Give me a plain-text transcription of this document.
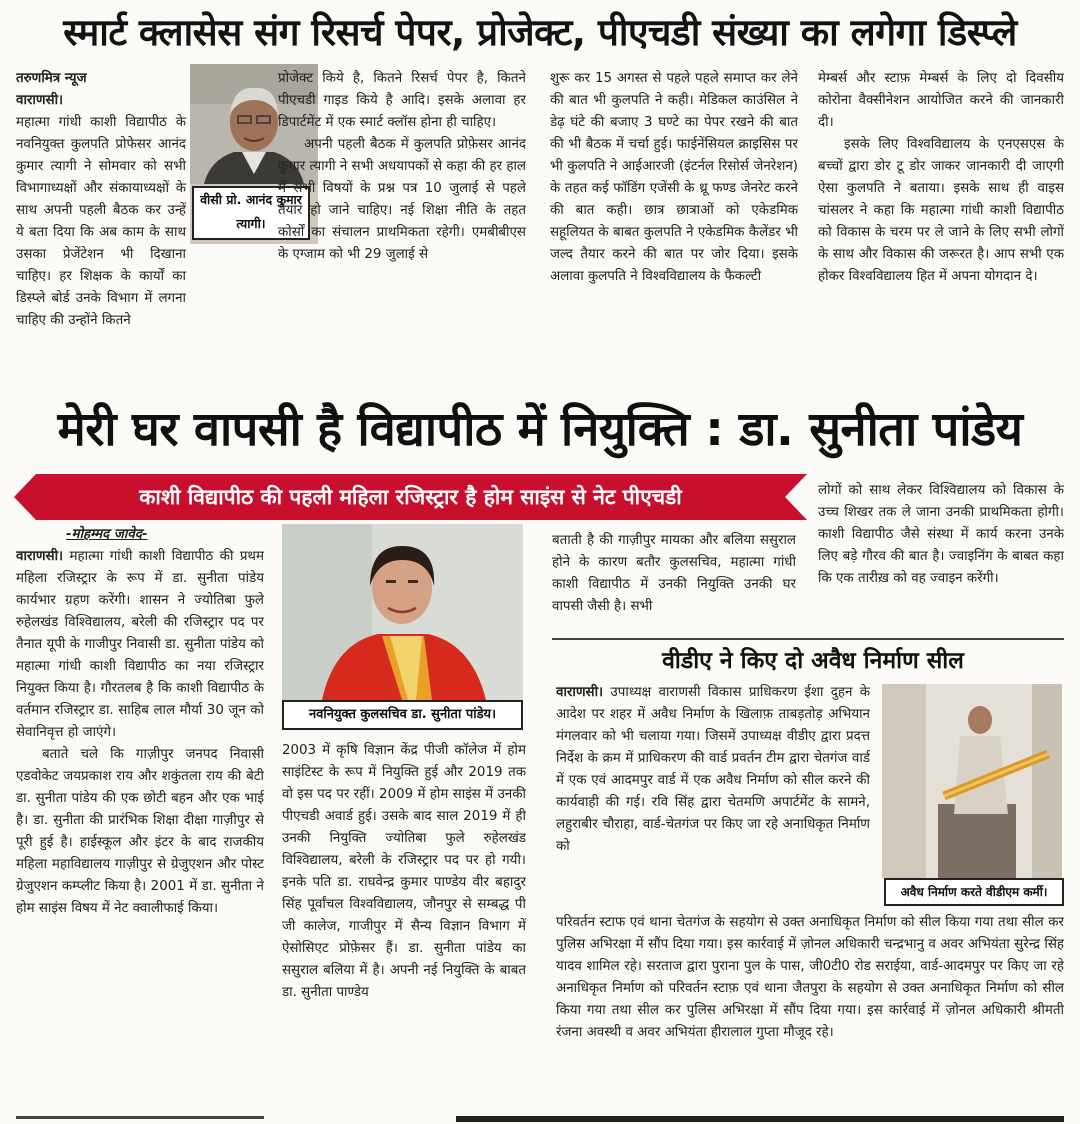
स्मार्ट क्लासेस संग रिसर्च पेपर, प्रोजेक्ट, पीएचडी संख्या का लगेगा डिस्प्ले

तरुणमित्र न्यूज

वाराणसी।

वीसी प्रो. आनंद कुमार त्यागी।

महात्मा गांधी काशी विद्यापीठ के नवनियुक्त कुलपति प्रोफेसर आनंद कुमार त्यागी ने सोमवार को सभी विभागाध्यक्षों और संकायाध्यक्षों के साथ अपनी पहली बैठक कर उन्हें ये बता दिया कि अब काम के साथ उसका प्रेजेंटेशन भी दिखाना चाहिए। हर शिक्षक के कार्यों का डिस्प्ले बोर्ड उनके विभाग में लगना चाहिए की उन्होंने कितने

प्रोजेक्ट किये है, कितने रिसर्च पेपर है, कितने पीएचडी गाइड किये है आदि। इसके अलावा हर डिपार्टमेंट में एक स्मार्ट क्लॉस होना ही चाहिए।

अपनी पहली बैठक में कुलपति प्रोफ़ेसर आनंद कुमार त्यागी ने सभी अधयापकों से कहा की हर हाल में सभी विषयों के प्रश्न पत्र 10 जुलाई से पहले तैयार हो जाने चाहिए। नई शिक्षा नीति के तहत कोर्सों का संचालन प्राथमिकता रहेगी। एमबीबीएस के एग्जाम को भी 29 जुलाई से

शुरू कर 15 अगस्त से पहले पहले समाप्त कर लेने की बात भी कुलपति ने कही। मेडिकल काउंसिल ने डेढ़ घंटे की बजाए 3 घण्टे का पेपर रखने की बात की भी बैठक में चर्चा हुई। फाईनेंसियल क्राइसिस पर भी कुलपति ने आईआरजी (इंटर्नल रिसोर्स जेनरेशन) के तहत कई फॉडिंग एजेंसी के थ्रू फण्ड जेनरेट करने की बात कही। छात्र छात्राओं को एकेडमिक सहूलियत के बाबत कुलपति ने एकेडमिक कैलेंडर भी जल्द तैयार करने की बात पर जोर दिया। इसके अलावा कुलपति ने विश्वविद्यालय के फैकल्टी

मेम्बर्स और स्टाफ़ मेम्बर्स के लिए दो दिवसीय कोरोना वैक्सीनेशन आयोजित करने की जानकारी दी।

इसके लिए विश्वविद्यालय के एनएसएस के बच्चों द्वारा डोर टू डोर जाकर जानकारी दी जाएगी ऐसा कुलपति ने बताया। इसके साथ ही वाइस चांसलर ने कहा कि महात्मा गांधी काशी विद्यापीठ को विकास के चरम पर ले जाने के लिए सभी लोगों के साथ और विकास की जरूरत है। आप सभी एक होकर विश्वविद्यालय हित में अपना योगदान दे।

मेरी घर वापसी है विद्यापीठ में नियुक्ति : डा. सुनीता पांडेय
काशी विद्यापीठ की पहली महिला रजिस्ट्रार है होम साइंस से नेट पीएचडी

-मोहम्मद जावेद-

वाराणसी। महात्मा गांधी काशी विद्यापीठ की प्रथम महिला रजिस्ट्रार के रूप में डा. सुनीता पांडेय कार्यभार ग्रहण करेंगी। शासन ने ज्योतिबा फुले रुहेलखंड विश्विद्यालय, बरेली की रजिस्ट्रार पद पर तैनात यूपी के गाजीपुर निवासी डा. सुनीता पांडेय को महात्मा गांधी काशी विद्यापीठ का नया रजिस्ट्रार नियुक्त किया है। गौरतलब है कि काशी विद्यापीठ के वर्तमान रजिस्ट्रार डा. साहिब लाल मौर्या 30 जून को सेवानिवृत्त हो जाएंगे।

बताते चले कि गाज़ीपुर जनपद निवासी एडवोकेट जयप्रकाश राय और शकुंतला राय की बेटी डा. सुनीता पांडेय की एक छोटी बहन और एक भाई है। डा. सुनीता की प्रारंभिक शिक्षा दीक्षा गाज़ीपुर से पूरी हुई है। हाईस्कूल और इंटर के बाद राजकीय महिला महाविद्यालय गाज़ीपुर से ग्रेजुएशन और पोस्ट ग्रेजुएशन कम्प्लीट किया है। 2001 में डा. सुनीता ने होम साइंस विषय में नेट क्वालीफाई किया।

नवनियुक्त कुलसचिव डा. सुनीता पांडेय।

2003 में कृषि विज्ञान केंद्र पीजी कॉलेज में होम साइंटिस्ट के रूप में नियुक्ति हुई और 2019 तक वो इस पद पर रहीं। 2009 में होम साइंस में उनकी पीएचडी अवार्ड हुई। उसके बाद साल 2019 में ही उनकी नियुक्ति ज्योतिबा फुले रुहेलखंड विश्विद्यालय, बरेली के रजिस्ट्रार पद पर हो गयी। इनके पति डा. राघवेन्द्र कुमार पाण्डेय वीर बहादुर सिंह पूर्वांचल विश्वविद्यालय, जौनपुर से सम्बद्ध पी जी कालेज, गाजीपुर में सैन्य विज्ञान विभाग में ऐसोसिएट प्रोफ़ेसर हैं। डा. सुनीता पांडेय का ससुराल बलिया में है। अपनी नई नियुक्ति के बाबत डा. सुनीता पाण्डेय

बताती है की गाज़ीपुर मायका और बलिया ससुराल होने के कारण बतौर कुलसचिव, महात्मा गांधी काशी विद्यापीठ में उनकी नियुक्ति उनकी घर वापसी जैसी है। सभी

लोगों को साथ लेकर विश्विद्यालय को विकास के उच्च शिखर तक ले जाना उनकी प्राथमिकता होगी। काशी विद्यापीठ जैसे संस्था में कार्य करना उनके लिए बड़े गौरव की बात है। ज्वाइनिंग के बाबत कहा कि एक तारीख़ को वह ज्वाइन करेंगी।

वीडीए ने किए दो अवैध निर्माण सील

वाराणसी। उपाध्यक्ष वाराणसी विकास प्राधिकरण ईशा दुहन के आदेश पर शहर में अवैध निर्माण के खिलाफ़ ताबड़तोड़ अभियान मंगलवार को भी चलाया गया। जिसमें उपाध्यक्ष वीडीए द्वारा प्रदत्त निर्देश के क्रम में प्राधिकरण की वार्ड प्रवर्तन टीम द्वारा चेतगंज वार्ड में एक एवं आदमपुर वार्ड में एक अवैध निर्माण को सील करने की कार्यवाही की गई। रवि सिंह द्वारा चेतमणि अपार्टमेंट के सामने, लहुराबीर चौराहा, वार्ड-चेतगंज पर किए जा रहे अनाधिकृत निर्माण को

अवैध निर्माण करते वीडीएम कर्मी।

परिवर्तन स्टाफ एवं थाना चेतगंज के सहयोग से उक्त अनाधिकृत निर्माण को सील किया गया तथा सील कर पुलिस अभिरक्षा में सौंप दिया गया। इस कार्रवाई में ज़ोनल अधिकारी चन्द्रभानु व अवर अभियंता सुरेन्द्र सिंह यादव शामिल रहे। सरताज द्वारा पुराना पुल के पास, जी0टी0 रोड सराईया, वार्ड-आदमपुर पर किए जा रहे अनाधिकृत निर्माण को परिवर्तन स्टाफ़ एवं थाना जैतपुरा के सहयोग से उक्त अनाधिकृत निर्माण को सील किया गया तथा सील कर पुलिस अभिरक्षा में सौंप दिया गया। इस कार्रवाई में ज़ोनल अधिकारी श्रीमती रंजना अवस्थी व अवर अभियंता हीरालाल गुप्ता मौजूद रहे।
